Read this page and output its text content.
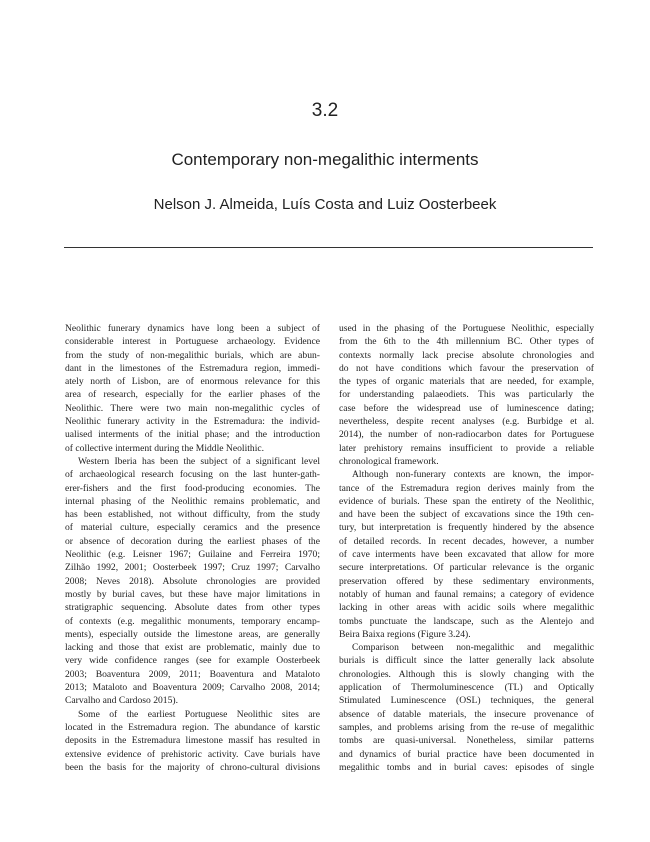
3.2
Contemporary non-megalithic interments
Nelson J. Almeida, Luís Costa and Luiz Oosterbeek
Neolithic funerary dynamics have long been a subject of
considerable interest in Portuguese archaeology. Evidence
from the study of non-megalithic burials, which are abun-
dant in the limestones of the Estremadura region, immedi-
ately north of Lisbon, are of enormous relevance for this
area of research, especially for the earlier phases of the
Neolithic. There were two main non-megalithic cycles of
Neolithic funerary activity in the Estremadura: the individ-
ualised interments of the initial phase; and the introduction
of collective interment during the Middle Neolithic.
Western Iberia has been the subject of a significant level
of archaeological research focusing on the last hunter-gath-
erer-fishers and the first food-producing economies. The
internal phasing of the Neolithic remains problematic, and
has been established, not without difficulty, from the study
of material culture, especially ceramics and the presence
or absence of decoration during the earliest phases of the
Neolithic (e.g. Leisner 1967; Guilaine and Ferreira 1970;
Zilhão 1992, 2001; Oosterbeek 1997; Cruz 1997; Carvalho
2008; Neves 2018). Absolute chronologies are provided
mostly by burial caves, but these have major limitations in
stratigraphic sequencing. Absolute dates from other types
of contexts (e.g. megalithic monuments, temporary encamp-
ments), especially outside the limestone areas, are generally
lacking and those that exist are problematic, mainly due to
very wide confidence ranges (see for example Oosterbeek
2003; Boaventura 2009, 2011; Boaventura and Mataloto
2013; Mataloto and Boaventura 2009; Carvalho 2008, 2014;
Carvalho and Cardoso 2015).
Some of the earliest Portuguese Neolithic sites are
located in the Estremadura region. The abundance of karstic
deposits in the Estremadura limestone massif has resulted in
extensive evidence of prehistoric activity. Cave burials have
been the basis for the majority of chrono-cultural divisions
used in the phasing of the Portuguese Neolithic, especially
from the 6th to the 4th millennium BC. Other types of
contexts normally lack precise absolute chronologies and
do not have conditions which favour the preservation of
the types of organic materials that are needed, for example,
for understanding palaeodiets. This was particularly the
case before the widespread use of luminescence dating;
nevertheless, despite recent analyses (e.g. Burbidge et al.
2014), the number of non-radiocarbon dates for Portuguese
later prehistory remains insufficient to provide a reliable
chronological framework.
Although non-funerary contexts are known, the impor-
tance of the Estremadura region derives mainly from the
evidence of burials. These span the entirety of the Neolithic,
and have been the subject of excavations since the 19th cen-
tury, but interpretation is frequently hindered by the absence
of detailed records. In recent decades, however, a number
of cave interments have been excavated that allow for more
secure interpretations. Of particular relevance is the organic
preservation offered by these sedimentary environments,
notably of human and faunal remains; a category of evidence
lacking in other areas with acidic soils where megalithic
tombs punctuate the landscape, such as the Alentejo and
Beira Baixa regions (Figure 3.24).
Comparison between non-megalithic and megalithic
burials is difficult since the latter generally lack absolute
chronologies. Although this is slowly changing with the
application of Thermoluminescence (TL) and Optically
Stimulated Luminescence (OSL) techniques, the general
absence of datable materials, the insecure provenance of
samples, and problems arising from the re-use of megalithic
tombs are quasi-universal. Nonetheless, similar patterns
and dynamics of burial practice have been documented in
megalithic tombs and in burial caves: episodes of single
